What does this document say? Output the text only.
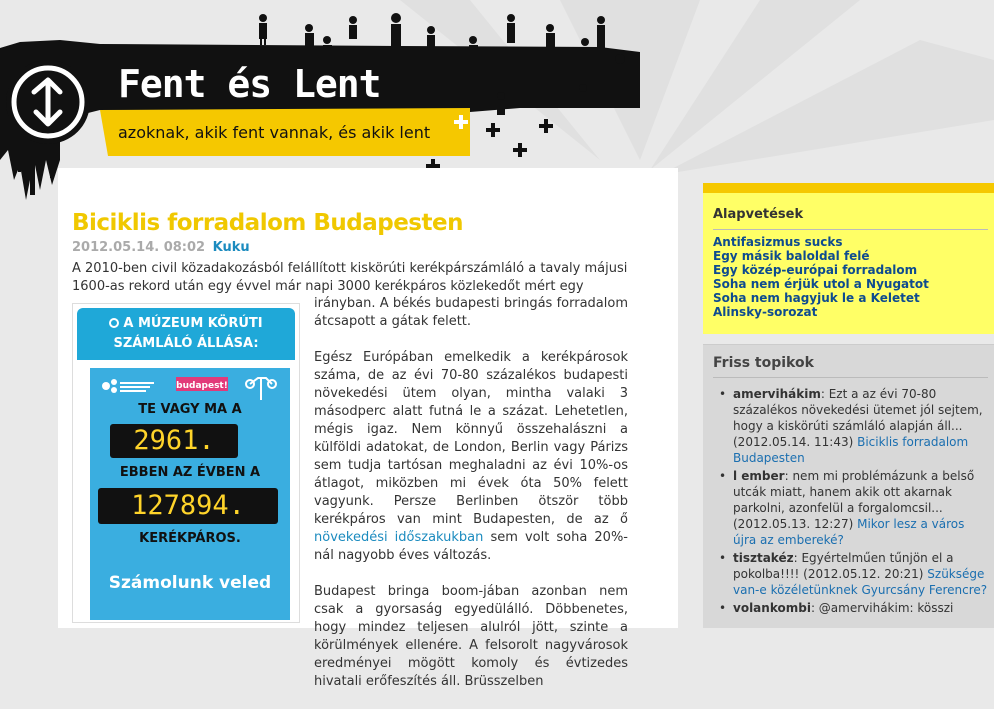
Fent és Lent
azoknak, akik fent vannak, és akik lent
Biciklis forradalom Budapesten
2012.05.14. 08:02 Kuku
A 2010-ben civil közadakozásból felállított kiskörúti kerékpárszámláló a tavaly májusi 1600-as rekord után egy évvel már napi 3000 kerékpáros közlekedőt mért egy
A MÚZEUM KÖRÚTI SZÁMLÁLÓ ÁLLÁSA:
budapest!
TE VAGY MA A
2961.
EBBEN AZ ÉVBEN A
127894.
KERÉKPÁROS.
Számolunk veled

irányban. A békés budapesti bringás forradalom átcsapott a gátak felett.

Egész Európában emelkedik a kerékpárosok száma, de az évi 70-80 százalékos budapesti növekedési ütem olyan, mintha valaki 3 másodperc alatt futná le a százat. Lehetetlen, mégis igaz. Nem könnyű összehalászni a külföldi adatokat, de London, Berlin vagy Párizs sem tudja tartósan meghaladni az évi 10%-os átlagot, miközben mi évek óta 50% felett vagyunk. Persze Berlinben ötször több kerékpáros van mint Budapesten, de az ő növekedési időszakukban sem volt soha 20%-nál nagyobb éves változás.

Budapest bringa boom-jában azonban nem csak a gyorsaság egyedülálló. Döbbenetes, hogy mindez teljesen alulról jött, szinte a körülmények ellenére. A felsorolt nagyvárosok eredményei mögött komoly és évtizedes hivatali erőfeszítés áll. Brüsszelben

Alapvetések
Antifasizmus sucks
Egy másik baloldal felé
Egy közép-európai forradalom
Soha nem érjük utol a Nyugatot
Soha nem hagyjuk le a Keletet
Alinsky-sorozat
Friss topikok
• amervihákim: Ezt a az évi 70-80 százalékos növekedési ütemet jól sejtem, hogy a kiskörúti számláló alapján áll... (2012.05.14. 11:43) Biciklis forradalom Budapesten
• l ember: nem mi problémázunk a belső utcák miatt, hanem akik ott akarnak parkolni, azonfelül a forgalomcsil... (2012.05.13. 12:27) Mikor lesz a város újra az embereké?
• tisztakéz: Egyértelműen tűnjön el a pokolba!!!! (2012.05.12. 20:21) Szüksége van-e közéletünknek Gyurcsány Ferencre?
• volankombi: @amervihákim: kösszi
